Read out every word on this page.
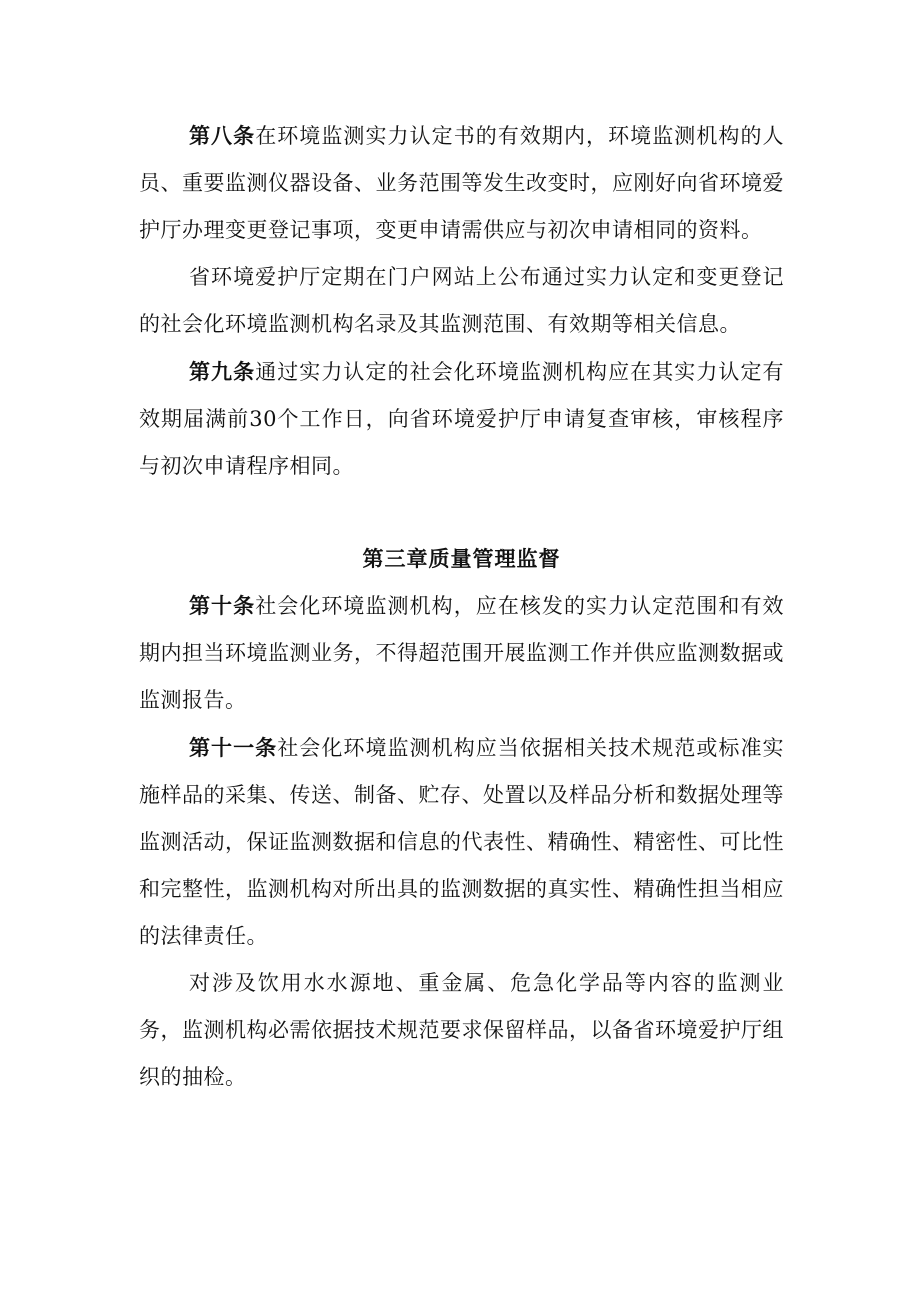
第八条在环境监测实力认定书的有效期内，环境监测机构的人员、重要监测仪器设备、业务范围等发生改变时，应刚好向省环境爱护厅办理变更登记事项，变更申请需供应与初次申请相同的资料。

省环境爱护厅定期在门户网站上公布通过实力认定和变更登记的社会化环境监测机构名录及其监测范围、有效期等相关信息。

第九条通过实力认定的社会化环境监测机构应在其实力认定有效期届满前30个工作日，向省环境爱护厅申请复查审核，审核程序与初次申请程序相同。

第三章质量管理监督

第十条社会化环境监测机构，应在核发的实力认定范围和有效期内担当环境监测业务，不得超范围开展监测工作并供应监测数据或监测报告。

第十一条社会化环境监测机构应当依据相关技术规范或标准实施样品的采集、传送、制备、贮存、处置以及样品分析和数据处理等监测活动，保证监测数据和信息的代表性、精确性、精密性、可比性和完整性，监测机构对所出具的监测数据的真实性、精确性担当相应的法律责任。

对涉及饮用水水源地、重金属、危急化学品等内容的监测业务，监测机构必需依据技术规范要求保留样品，以备省环境爱护厅组织的抽检。
